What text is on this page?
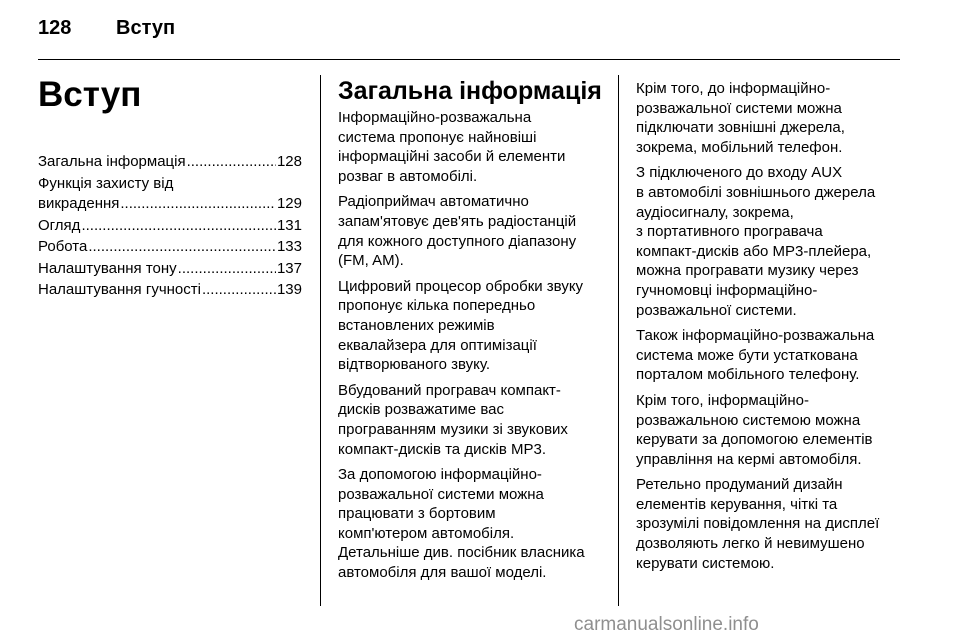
128 Вступ
Вступ
Загальна інформація .....	128
Функція захисту від
викрадення .....	129
Огляд .....	131
Робота .....	133
Налаштування тону .....	137
Налаштування гучності .....	139
Загальна інформація

Інформаційно-розважальна
система пропонує найновіші
інформаційні засоби й елементи
розваг в автомобілі.

Радіоприймач автоматично
запам'ятовує дев'ять радіостанцій
для кожного доступного діапазону
(FM, AM).

Цифровий процесор обробки звуку
пропонує кілька попередньо
встановлених режимів
еквалайзера для оптимізації
відтворюваного звуку.

Вбудований програвач компакт-
дисків розважатиме вас
програванням музики зі звукових
компакт-дисків та дисків MP3.

За допомогою інформаційно-
розважальної системи можна
працювати з бортовим
комп'ютером автомобіля.

Детальніше див. посібник власника
автомобіля для вашої моделі.

Крім того, до інформаційно-
розважальної системи можна
підключати зовнішні джерела,
зокрема, мобільний телефон.

З підключеного до входу AUX
в автомобілі зовнішнього джерела
аудіосигналу, зокрема,
з портативного програвача
компакт-дисків або MP3-плейера,
можна програвати музику через
гучномовці інформаційно-
розважальної системи.

Також інформаційно-розважальна
система може бути устаткована
порталом мобільного телефону.

Крім того, інформаційно-
розважальною системою можна
керувати за допомогою елементів
управління на кермі автомобіля.

Ретельно продуманий дизайн
елементів керування, чіткі та
зрозумілі повідомлення на дисплеї
дозволяють легко й невимушено
керувати системою.

carmanualsonline.info
